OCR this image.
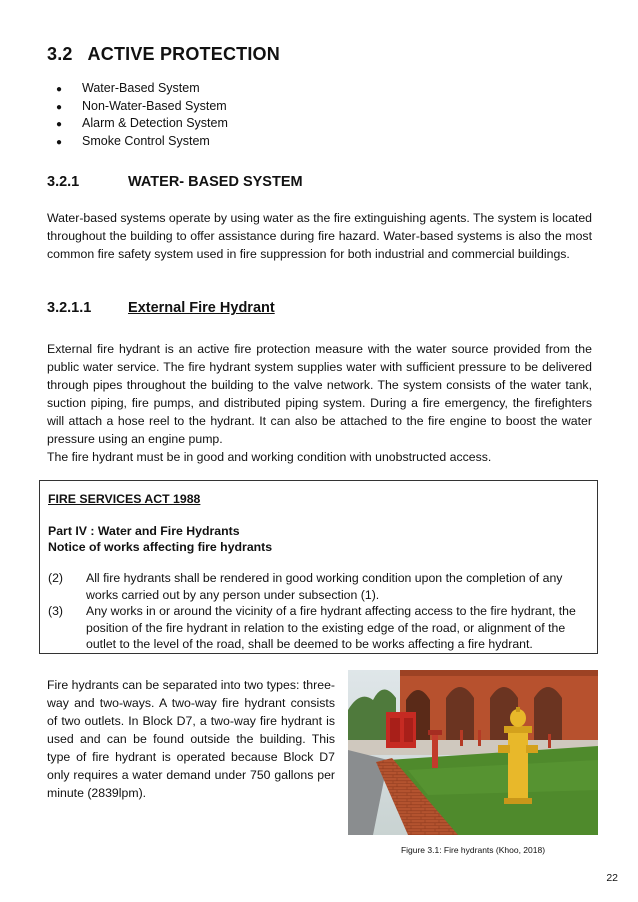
3.2 ACTIVE PROTECTION
● Water-Based System
● Non-Water-Based System
● Alarm & Detection System
● Smoke Control System
3.2.1	WATER- BASED SYSTEM
Water-based systems operate by using water as the fire extinguishing agents. The system is located throughout the building to offer assistance during fire hazard. Water-based systems is also the most common fire safety system used in fire suppression for both industrial and commercial buildings.
3.2.1.1	External Fire Hydrant
External fire hydrant is an active fire protection measure with the water source provided from the public water service. The fire hydrant system supplies water with sufficient pressure to be delivered through pipes throughout the building to the valve network. The system consists of the water tank, suction piping, fire pumps, and distributed piping system. During a fire emergency, the firefighters will attach a hose reel to the hydrant. It can also be attached to the fire engine to boost the water pressure using an engine pump.
The fire hydrant must be in good and working condition with unobstructed access.
FIRE SERVICES ACT 1988
Part IV : Water and Fire Hydrants
Notice of works affecting fire hydrants
(2)	All fire hydrants shall be rendered in good working condition upon the completion of any works carried out by any person under subsection (1).
(3)	Any works in or around the vicinity of a fire hydrant affecting access to the fire hydrant, the position of the fire hydrant in relation to the existing edge of the road, or alignment of the outlet to the level of the road, shall be deemed to be works affecting a fire hydrant.
Fire hydrants can be separated into two types: three-way and two-ways. A two-way fire hydrant consists of two outlets. In Block D7, a two-way fire hydrant is used and can be found outside the building. This type of fire hydrant is operated because Block D7 only requires a water demand under 750 gallons per minute (2839lpm).
Figure 3.1: Fire hydrants (Khoo, 2018)
22
